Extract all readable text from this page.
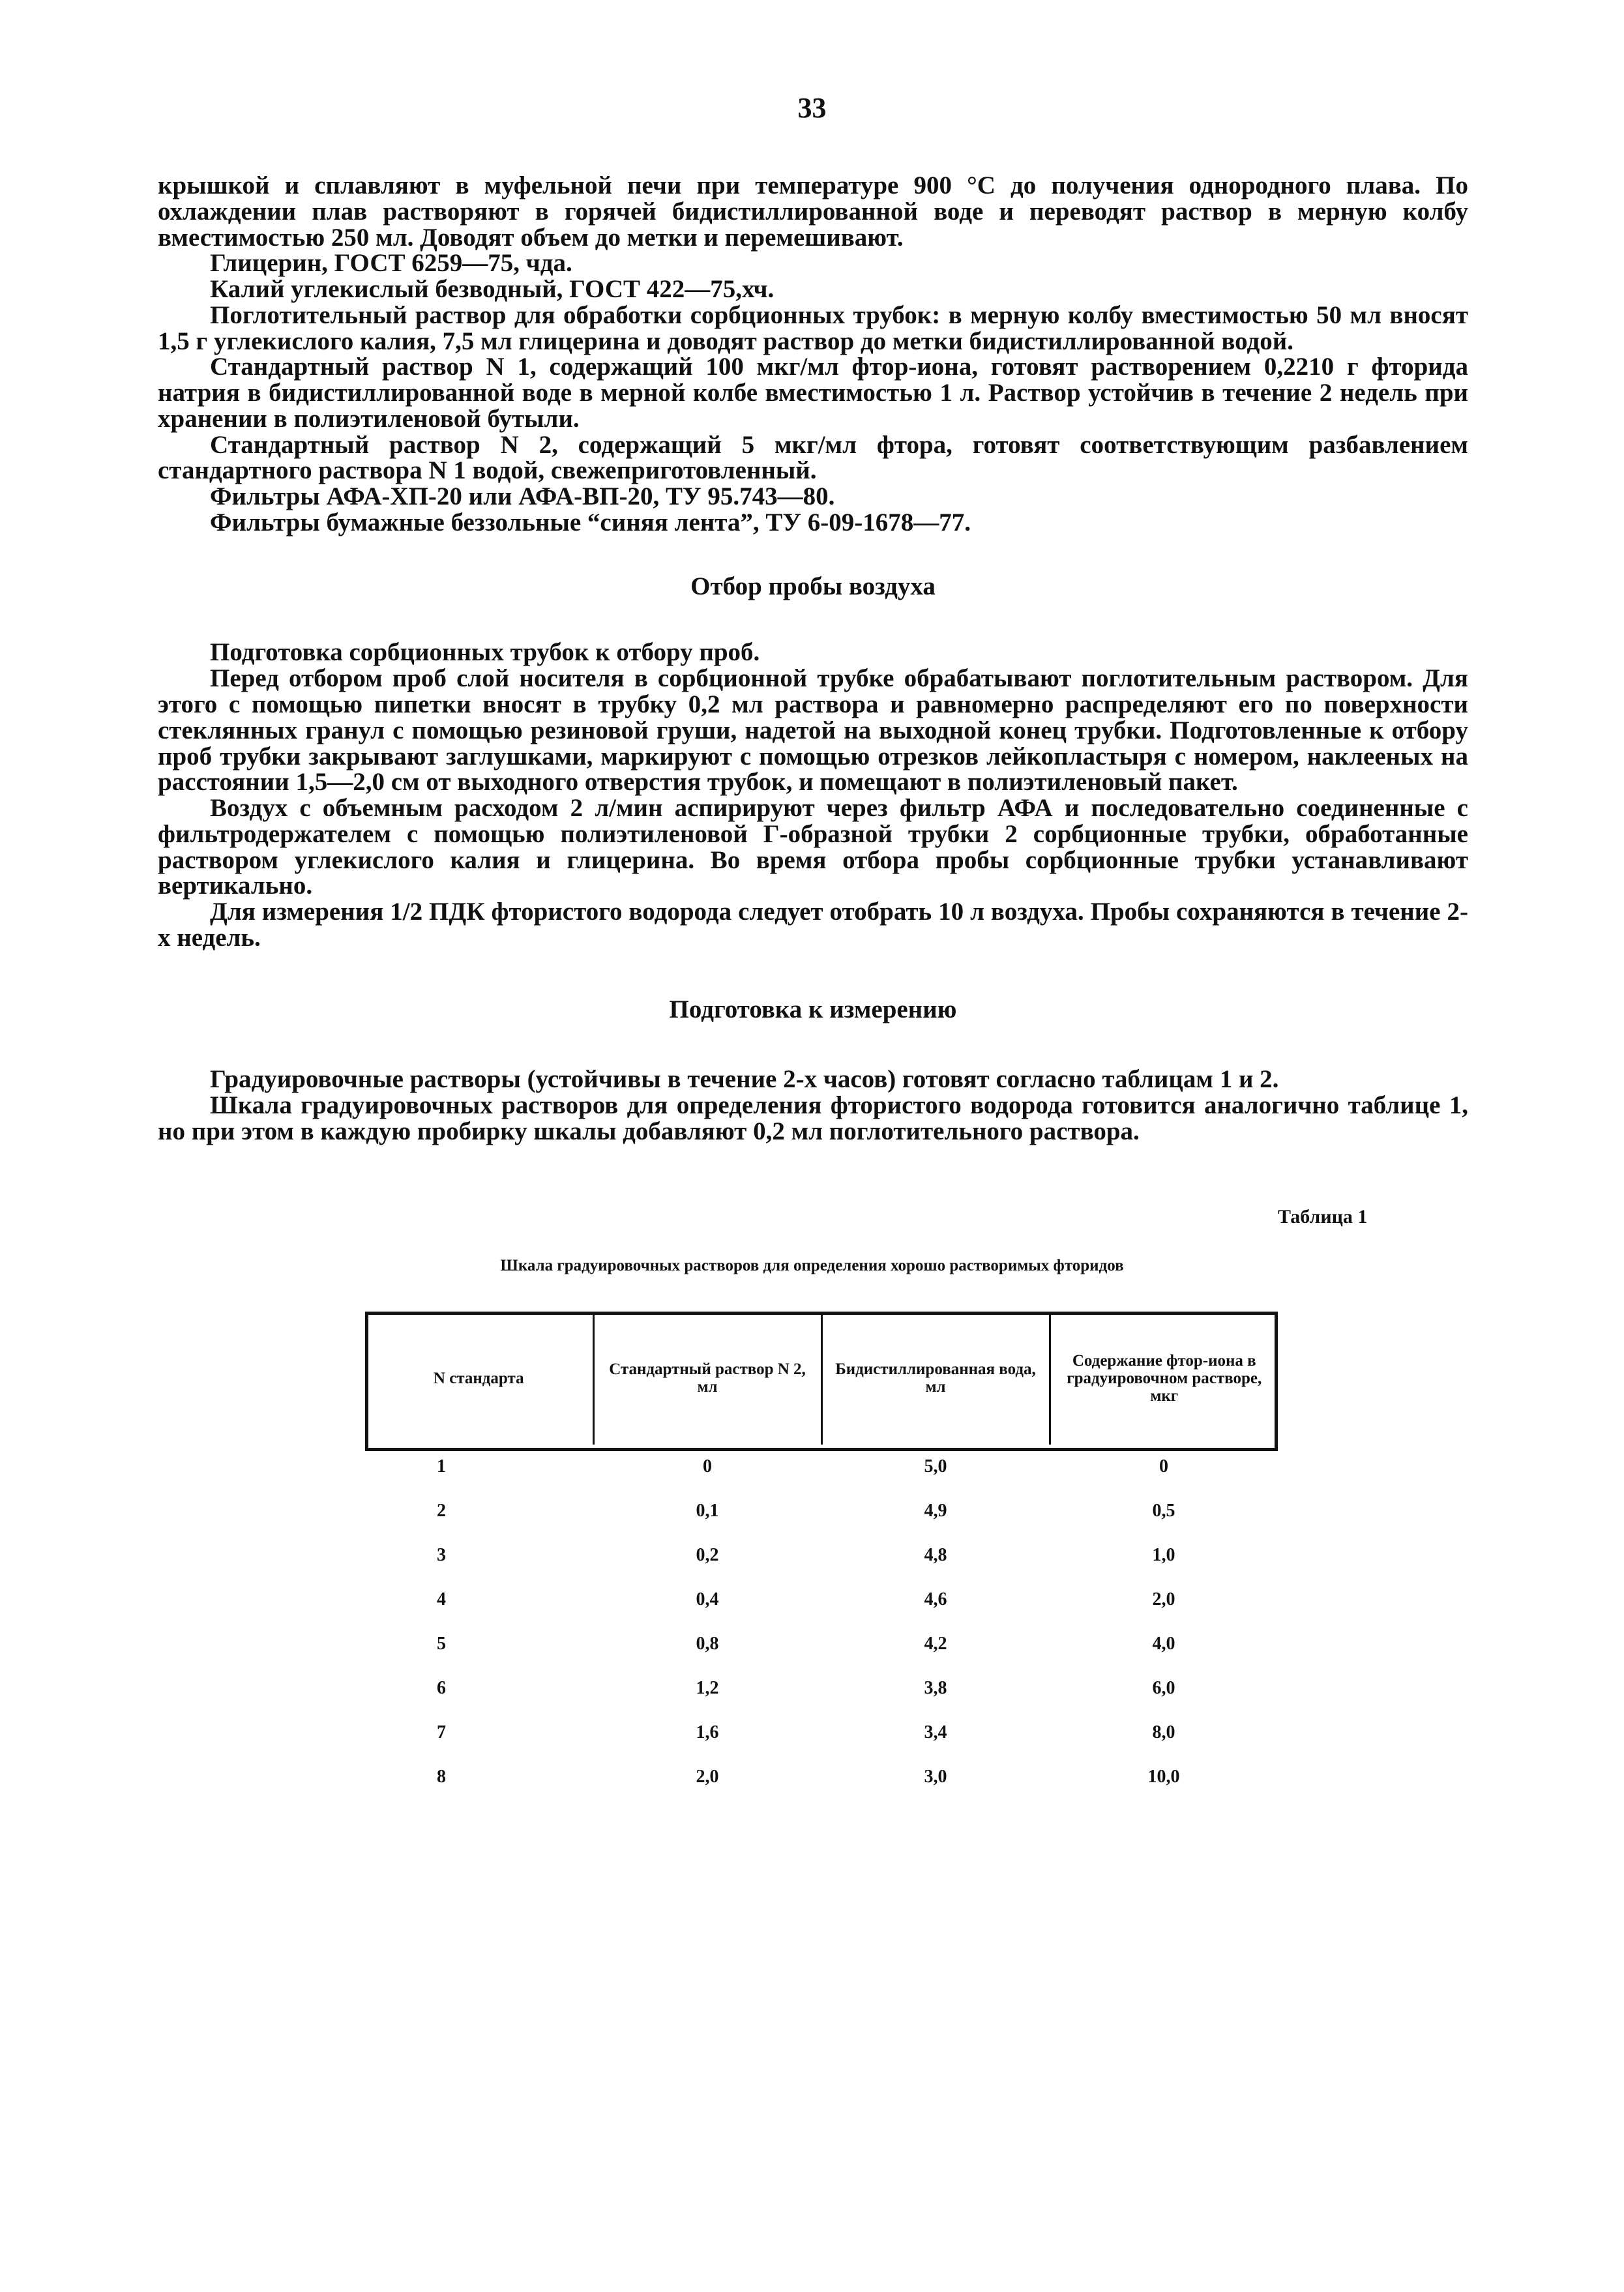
33

крышкой и сплавляют в муфельной печи при температуре 900 °С до получения однородного плава. По охлаждении плав растворяют в горячей бидистиллированной воде и переводят раствор в мерную колбу вместимостью 250 мл. Доводят объем до метки и перемешивают.

Глицерин, ГОСТ 6259—75, чда.

Калий углекислый безводный, ГОСТ 422—75,хч.

Поглотительный раствор для обработки сорбционных трубок: в мерную колбу вместимостью 50 мл вносят 1,5 г углекислого калия, 7,5 мл глицерина и доводят раствор до метки бидистиллированной водой.

Стандартный раствор N 1, содержащий 100 мкг/мл фтор-иона, готовят растворением 0,2210 г фторида натрия в бидистиллированной воде в мерной колбе вместимостью 1 л. Раствор устойчив в течение 2 недель при хранении в полиэтиленовой бутыли.

Стандартный раствор N 2, содержащий 5 мкг/мл фтора, готовят соответствующим разбавлением стандартного раствора N 1 водой, свежеприготовленный.

Фильтры АФА-ХП-20 или АФА-ВП-20, ТУ 95.743—80.

Фильтры бумажные беззольные “синяя лента”, ТУ 6-09-1678—77.

Отбор пробы воздуха

Подготовка сорбционных трубок к отбору проб.

Перед отбором проб слой носителя в сорбционной трубке обрабатывают поглотительным раствором. Для этого с помощью пипетки вносят в трубку 0,2 мл раствора и равномерно распределяют его по поверхности стеклянных гранул с помощью резиновой груши, надетой на выходной конец трубки. Подготовленные к отбору проб трубки закрывают заглушками, маркируют с помощью отрезков лейкопластыря с номером, наклееных на расстоянии 1,5—2,0 см от выходного отверстия трубок, и помещают в полиэтиленовый пакет.

Воздух с объемным расходом 2 л/мин аспирируют через фильтр АФА и последовательно соединенные с фильтродержателем с помощью полиэтиленовой Г-образной трубки 2 сорбционные трубки, обработанные раствором углекислого калия и глицерина. Во время отбора пробы сорбционные трубки устанавливают вертикально.

Для измерения 1/2 ПДК фтористого водорода следует отобрать 10 л воздуха. Пробы сохраняются в течение 2-х недель.

Подготовка к измерению

Градуировочные растворы (устойчивы в течение 2-х часов) готовят согласно таблицам 1 и 2.

Шкала градуировочных растворов для определения фтористого водорода готовится аналогично таблице 1, но при этом в каждую пробирку шкалы добавляют 0,2 мл поглотительного раствора.

Таблица 1
Шкала градуировочных растворов для определения хорошо растворимых фторидов
N стандарта	Стандартный раствор N 2, мл	Бидистиллированная вода, мл	Содержание фтор-иона в градуировочном растворе, мкг
1	0	5,0	0
2	0,1	4,9	0,5
3	0,2	4,8	1,0
4	0,4	4,6	2,0
5	0,8	4,2	4,0
6	1,2	3,8	6,0
7	1,6	3,4	8,0
8	2,0	3,0	10,0
